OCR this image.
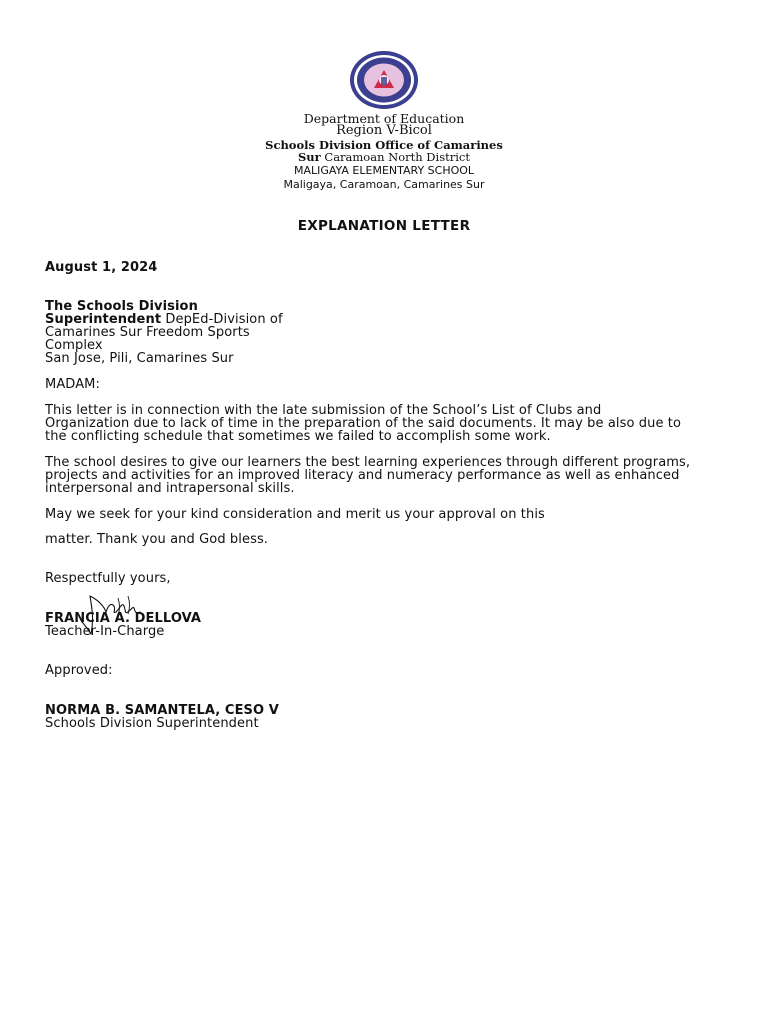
Department of Education
Region V-Bicol
Schools Division Office of Camarines
Sur Caramoan North District
MALIGAYA ELEMENTARY SCHOOL
Maligaya, Caramoan, Camarines Sur
EXPLANATION LETTER
August 1, 2024
The Schools Division
Superintendent DepEd-Division of
Camarines Sur Freedom Sports
Complex
San Jose, Pili, Camarines Sur
MADAM:
This letter is in connection with the late submission of the School’s List of Clubs and
Organization due to lack of time in the preparation of the said documents. It may be also due to
the conflicting schedule that sometimes we failed to accomplish some work.
The school desires to give our learners the best learning experiences through different programs,
projects and activities for an improved literacy and numeracy performance as well as enhanced
interpersonal and intrapersonal skills.
May we seek for your kind consideration and merit us your approval on this
matter. Thank you and God bless.
Respectfully yours,
FRANCIA A. DELLOVA
Teacher-In-Charge
Approved:
NORMA B. SAMANTELA, CESO V
Schools Division Superintendent
